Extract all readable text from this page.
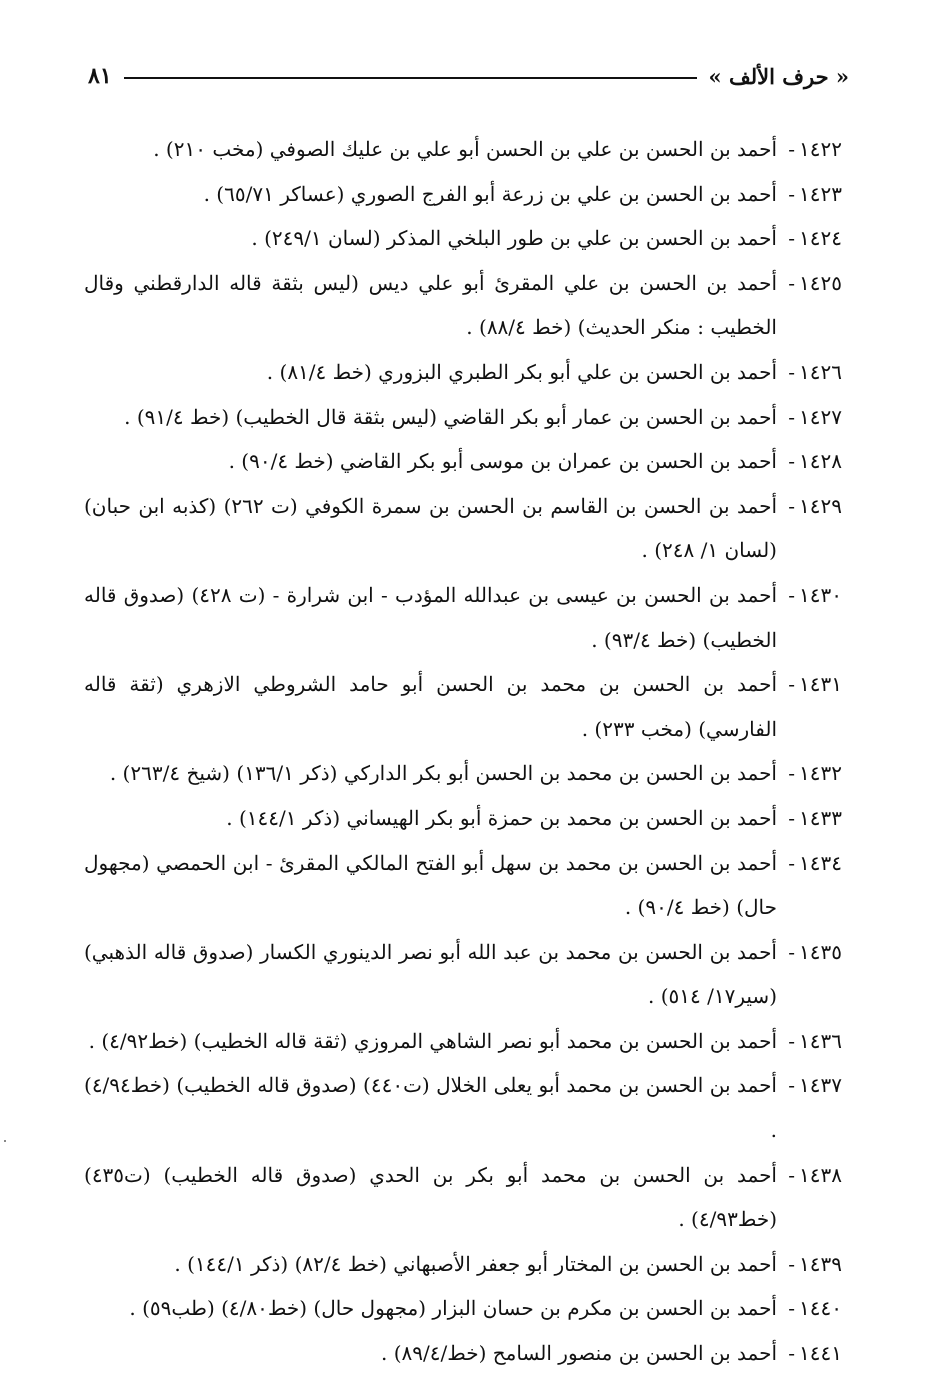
« حرف الألف »
٨١
١٤٢٢
-
أحمد بن الحسن بن علي بن الحسن أبو علي بن عليك الصوفي (مخب ٢١٠) .
١٤٢٣
-
أحمد بن الحسن بن علي بن زرعة أبو الفرج الصوري (عساكر ٦٥/٧١) .
١٤٢٤
-
أحمد بن الحسن بن علي بن طور البلخي المذكر (لسان ٢٤٩/١) .
١٤٢٥
-
أحمد بن الحسن بن علي المقرئ أبو علي ديس (ليس بثقة قاله الدارقطني وقال الخطيب : منكر الحديث) (خط ٨٨/٤) .
١٤٢٦
-
أحمد بن الحسن بن علي أبو بكر الطبري البزوري (خط ٨١/٤) .
١٤٢٧
-
أحمد بن الحسن بن عمار أبو بكر القاضي (ليس بثقة قال الخطيب) (خط ٩١/٤) .
١٤٢٨
-
أحمد بن الحسن بن عمران بن موسى أبو بكر القاضي (خط ٩٠/٤) .
١٤٢٩
-
أحمد بن الحسن بن القاسم بن الحسن بن سمرة الكوفي (ت ٢٦٢) (كذبه ابن حبان) (لسان ١/ ٢٤٨) .
١٤٣٠
-
أحمد بن الحسن بن عيسى بن عبدالله المؤدب - ابن شرارة - (ت ٤٢٨) (صدوق قاله الخطيب) (خط ٩٣/٤) .
١٤٣١
-
أحمد بن الحسن بن محمد بن الحسن أبو حامد الشروطي الازهري (ثقة قاله الفارسي) (مخب ٢٣٣) .
١٤٣٢
-
أحمد بن الحسن بن محمد بن الحسن أبو بكر الداركي (ذكر ١٣٦/١) (شيخ ٢٦٣/٤) .
١٤٣٣
-
أحمد بن الحسن بن محمد بن حمزة أبو بكر الهيساني (ذكر ١٤٤/١) .
١٤٣٤
-
أحمد بن الحسن بن محمد بن سهل أبو الفتح المالكي المقرئ - ابن الحمصي (مجهول حال) (خط ٩٠/٤) .
١٤٣٥
-
أحمد بن الحسن بن محمد بن عبد الله أبو نصر الدينوري الكسار (صدوق قاله الذهبي) (سير١٧/ ٥١٤) .
١٤٣٦
-
أحمد بن الحسن بن محمد أبو نصر الشاهي المروزي (ثقة قاله الخطيب) (خط٤/٩٢) .
١٤٣٧
-
أحمد بن الحسن بن محمد أبو يعلى الخلال (ت٤٤٠) (صدوق قاله الخطيب) (خط٤/٩٤) .
١٤٣٨
-
أحمد بن الحسن بن محمد أبو بكر بن الحدي (صدوق قاله الخطيب) (ت٤٣٥) (خط٤/٩٣) .
١٤٣٩
-
أحمد بن الحسن بن المختار أبو جعفر الأصبهاني (خط ٨٢/٤) (ذكر ١٤٤/١) .
١٤٤٠
-
أحمد بن الحسن بن مكرم بن حسان البزار (مجهول حال) (خط٤/٨٠) (طب٥٩) .
١٤٤١
-
أحمد بن الحسن بن منصور السامح (خط/٨٩/٤) .
